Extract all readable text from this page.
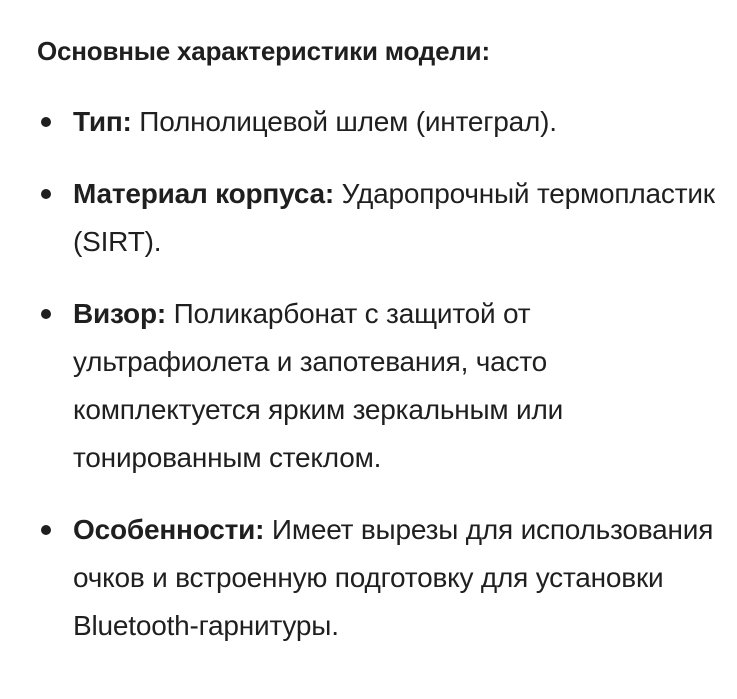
Основные характеристики модели:
Тип: Полнолицевой шлем (интеграл).
Материал корпуса: Ударопрочный термопластик (SIRT).
Визор: Поликарбонат с защитой от ультрафиолета и запотевания, часто комплектуется ярким зеркальным или тонированным стеклом.
Особенности: Имеет вырезы для использования очков и встроенную подготовку для установки Bluetooth-гарнитуры.
